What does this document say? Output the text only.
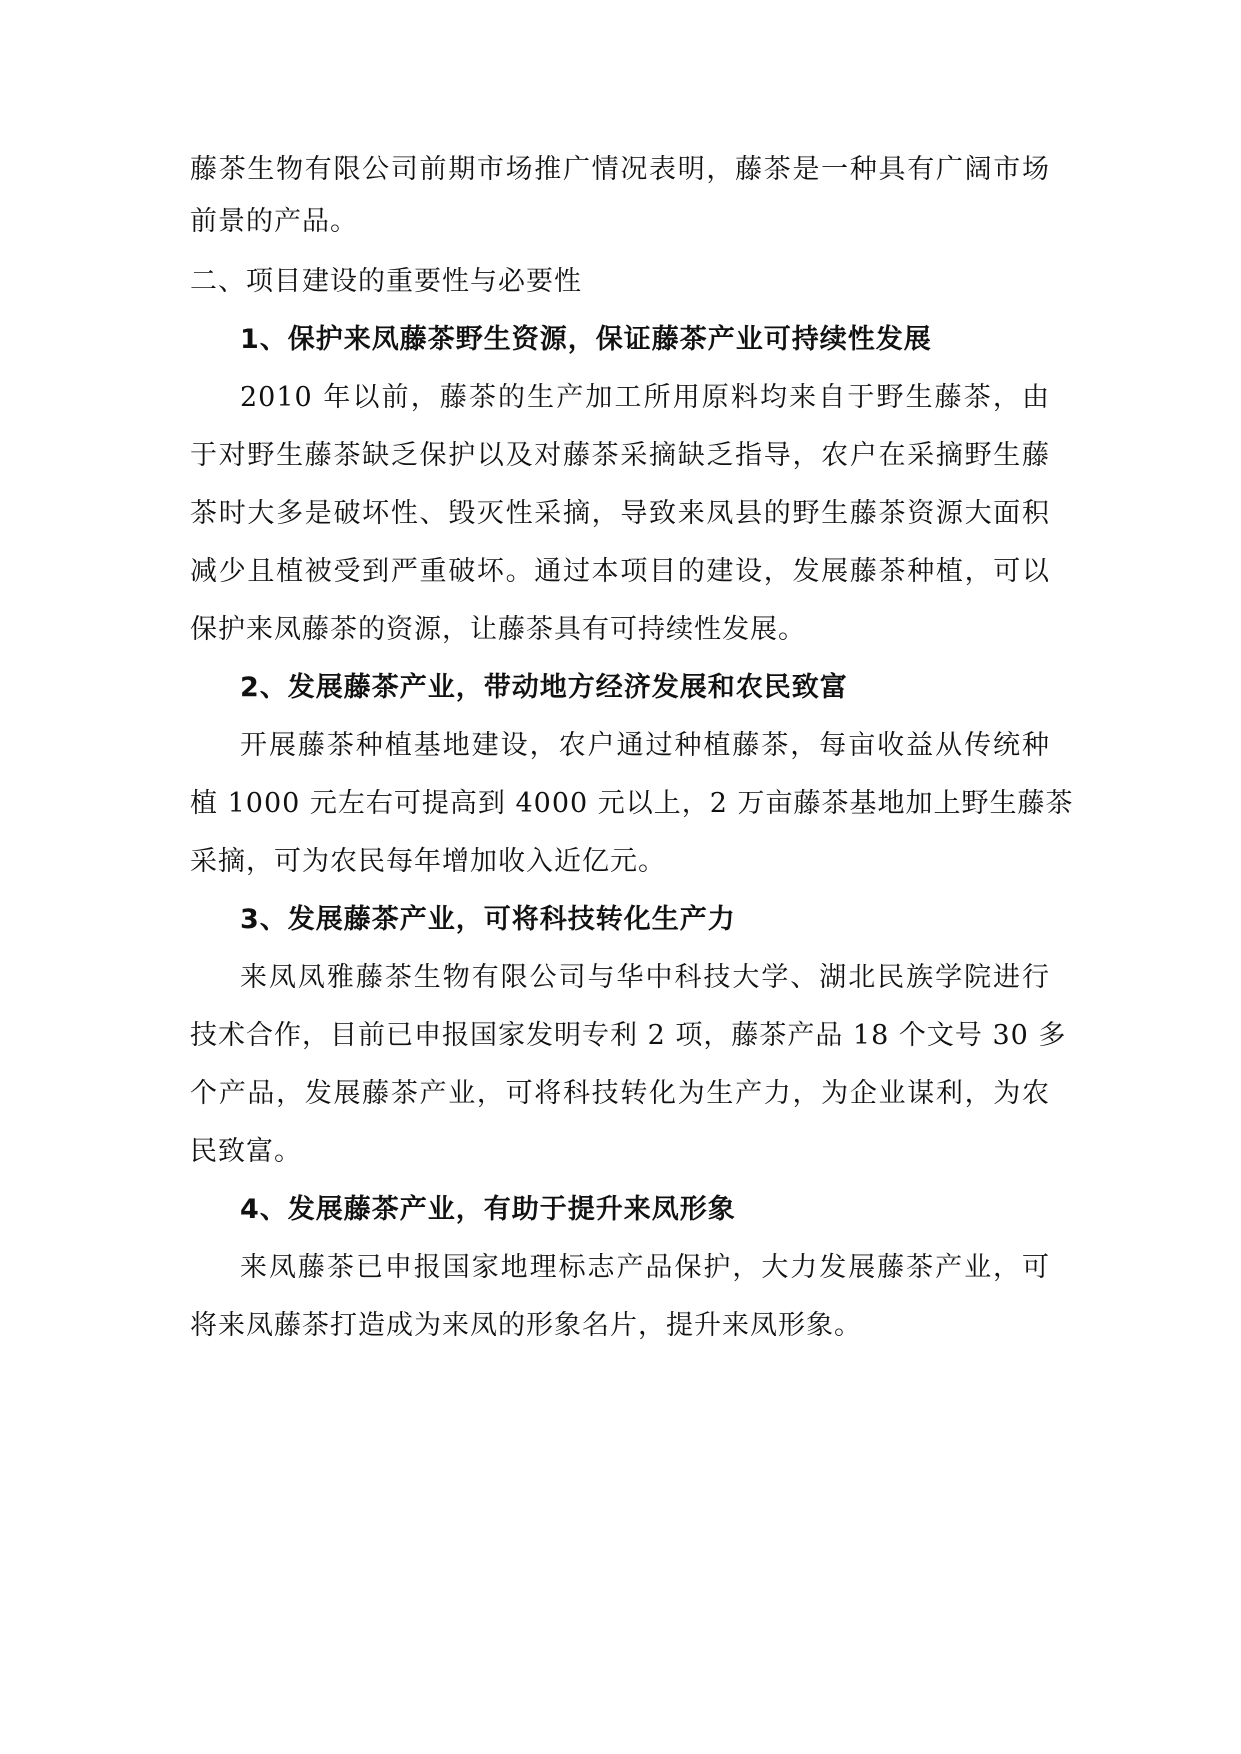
藤茶生物有限公司前期市场推广情况表明，藤茶是一种具有广阔市场
前景的产品。
二、项目建设的重要性与必要性
1、保护来凤藤茶野生资源，保证藤茶产业可持续性发展
2010 年以前，藤茶的生产加工所用原料均来自于野生藤茶，由
于对野生藤茶缺乏保护以及对藤茶采摘缺乏指导，农户在采摘野生藤
茶时大多是破坏性、毁灭性采摘，导致来凤县的野生藤茶资源大面积
减少且植被受到严重破坏。通过本项目的建设，发展藤茶种植，可以
保护来凤藤茶的资源，让藤茶具有可持续性发展。
2、发展藤茶产业，带动地方经济发展和农民致富
开展藤茶种植基地建设，农户通过种植藤茶，每亩收益从传统种
植 1000 元左右可提高到 4000 元以上，2 万亩藤茶基地加上野生藤茶
采摘，可为农民每年增加收入近亿元。
3、发展藤茶产业，可将科技转化生产力
来凤凤雅藤茶生物有限公司与华中科技大学、湖北民族学院进行
技术合作，目前已申报国家发明专利 2 项，藤茶产品 18 个文号 30 多
个产品，发展藤茶产业，可将科技转化为生产力，为企业谋利，为农
民致富。
4、发展藤茶产业，有助于提升来凤形象
来凤藤茶已申报国家地理标志产品保护，大力发展藤茶产业，可
将来凤藤茶打造成为来凤的形象名片，提升来凤形象。
